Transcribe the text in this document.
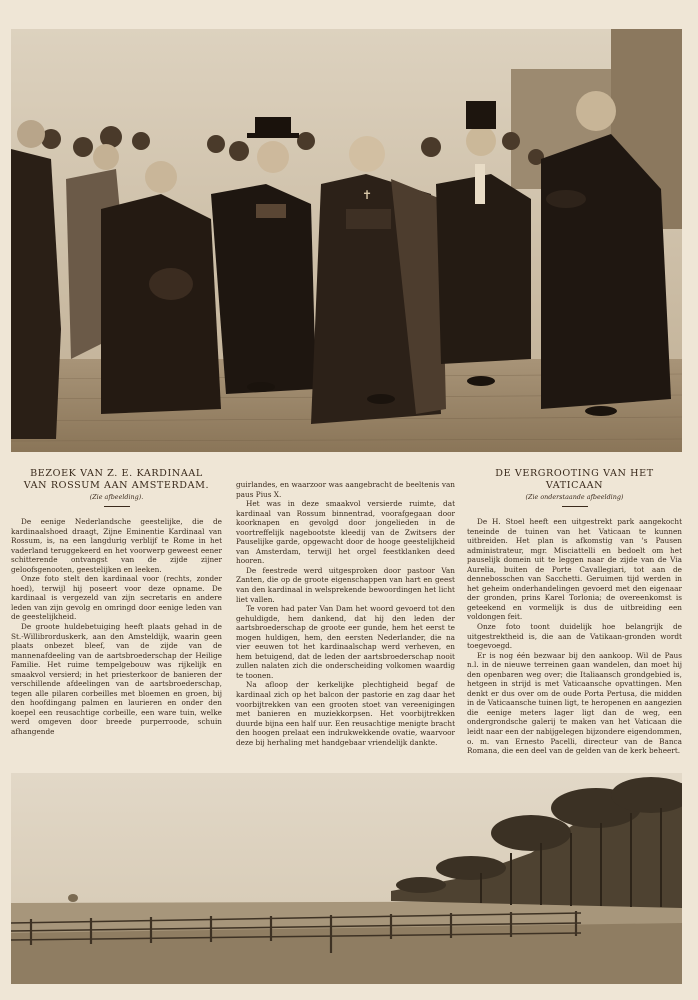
✝

BEZOEK VAN Z. E. KARDINAAL

VAN ROSSUM AAN AMSTERDAM.

(Zie afbeelding).

De eenige Nederlandsche geestelijke, die de kardinaalshoed draagt, Zijne Eminentie Kardinaal van Rossum, is, na een langdurig verblijf te Rome in het vaderland teruggekeerd en het voorwerp geweest eener schitterende ontvangst van de zijde zijner geloofsgenooten, geestelijken en leeken.

Onze foto stelt den kardinaal voor (rechts, zonder hoed), terwijl hij poseert voor deze opname. De kardinaal is vergezeld van zijn secretaris en andere leden van zijn gevolg en omringd door eenige leden van de geestelijkheid.

De groote huldebetuiging heeft plaats gehad in de St.-Willibrorduskerk, aan den Amsteldijk, waarin geen plaats onbezet bleef, van de zijde van de mannenafdeeling van de aartsbroederschap der Heilige Familie. Het ruime tempelgebouw was rijkelijk en smaakvol versierd; in het priesterkoor de banieren der verschillende afdeelingen van de aartsbroederschap, tegen alle pilaren corbeilles met bloemen en groen, bij den hoofdingang palmen en laurieren en onder den koepel een reusachtige corbeille, een ware tuin, welke werd omgeven door breede purperroode, schuin afhangende

guirlandes, en waarzoor was aangebracht de beeltenis van paus Pius X.

Het was in deze smaakvol versierde ruimte, dat kardinaal van Rossum binnentrad, voorafgegaan door koorknapen en gevolgd door jongelieden in de voortreffelijk nagebootste kleedij van de Zwitsers der Pauselijke garde, opgewacht door de hooge geestelijkheid van Amsterdam, terwijl het orgel feestklanken deed hooren.

De feestrede werd uitgesproken door pastoor Van Zanten, die op de groote eigenschappen van hart en geest van den kardinaal in welsprekende bewoordingen het licht liet vallen.

Te voren had pater Van Dam het woord gevoerd tot den gehuldigde, hem dankend, dat hij den leden der aartsbroederschap de groote eer gunde, hem het eerst te mogen huldigen, hem, den eersten Nederlander, die na vier eeuwen tot het kardinaalschap werd verheven, en hem betuigend, dat de leden der aartsbroederschap nooit zullen nalaten zich die onderscheiding volkomen waardig te toonen.

Na afloop der kerkelijke plechtigheid begaf de kardinaal zich op het balcon der pastorie en zag daar het voorbijtrekken van een grooten stoet van vereenigingen met banieren en muziekkorpsen. Het voorbijtrekken duurde bijna een half uur. Een reusachtige menigte bracht den hoogen prelaat een indrukwekkende ovatie, waarvoor deze bij herhaling met handgebaar vriendelijk dankte.

DE VERGROOTING VAN HET VATICAAN

(Zie onderstaande afbeelding)

De H. Stoel heeft een uitgestrekt park aangekocht teneinde de tuinen van het Vaticaan te kunnen uitbreiden. Het plan is afkomstig van 's Pausen administrateur, mgr. Misciattelli en bedoelt om het pauselijk domein uit te leggen naar de zijde van de Via Aurelia, buiten de Porte Cavallegiari, tot aan de dennebosschen van Sacchetti. Geruimen tijd werden in het geheim onderhandelingen gevoerd met den eigenaar der gronden, prins Karel Torlonia; de overeenkomst is geteekend en vormelijk is dus de uitbreiding een voldongen feit.

Onze foto toont duidelijk hoe belangrijk de uitgestrektheid is, die aan de Vatikaan-gronden wordt toegevoegd.

Er is nog één bezwaar bij den aankoop. Wil de Paus n.l. in de nieuwe terreinen gaan wandelen, dan moet hij den openbaren weg over; die Italiaansch grondgebied is, hetgeen in strijd is met Vaticaansche opvattingen. Men denkt er dus over om de oude Porta Pertusa, die midden in de Vaticaansche tuinen ligt, te heropenen en aangezien die eenige meters lager ligt dan de weg, een ondergrondsche galerij te maken van het Vaticaan die leidt naar een der nabijgelegen bijzondere eigendommen, o. m. van Ernesto Pacelli, directeur van de Banca Romana, die een deel van de gelden van de kerk beheert.
